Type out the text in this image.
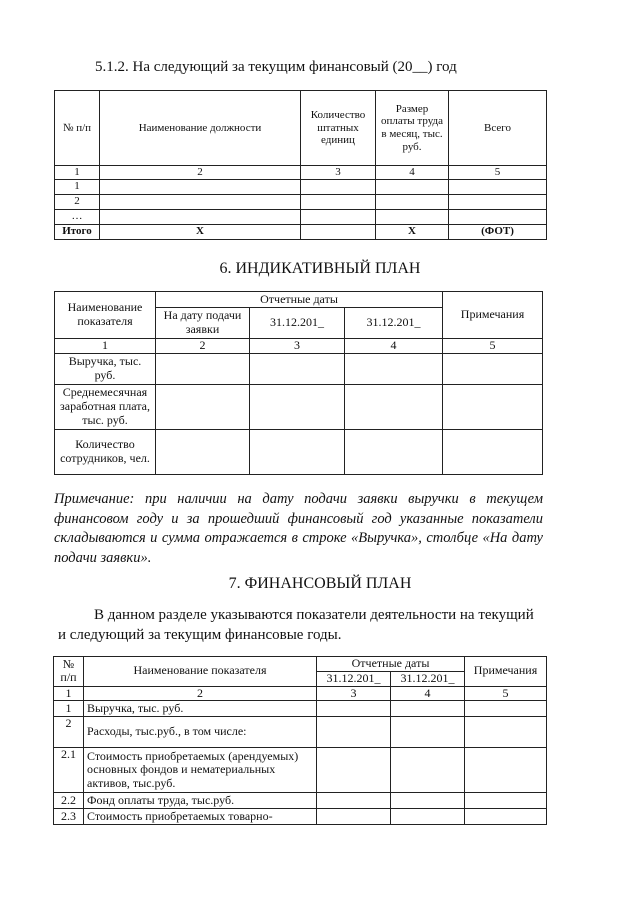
5.1.2. На следующий за текущим финансовый (20__) год
№ п/п	Наименование должности	Количество штатных единиц	Размер оплаты труда в месяц, тыс. руб.	Всего
1	2	3	4	5
1				
2				
…				
Итого	X		X	(ФОТ)
6. ИНДИКАТИВНЫЙ ПЛАН
Наименование показателя	Отчетные даты			Примечания
	На дату подачи заявки	31.12.201_	31.12.201_	
1	2	3	4	5
Выручка, тыс. руб.				
Среднемесячная заработная плата, тыс. руб.				
Количество сотрудников, чел.				
Примечание: при наличии на дату подачи заявки выручки в текущем финансовом году и за прошедший финансовый год указанные показатели складываются и сумма отражается в строке «Выручка», столбце «На дату подачи заявки».
7. ФИНАНСОВЫЙ ПЛАН
В данном разделе указываются показатели деятельности на текущий и следующий за текущим финансовые годы.
№ п/п	Наименование показателя	Отчетные даты		Примечания
		31.12.201_	31.12.201_	
1	2	3	4	5
1	Выручка, тыс. руб.			
2	Расходы, тыс.руб., в том числе:			
2.1	Стоимость приобретаемых (арендуемых) основных фондов и нематериальных активов, тыс.руб.			
2.2	Фонд оплаты труда, тыс.руб.			
2.3	Стоимость приобретаемых товарно-			
